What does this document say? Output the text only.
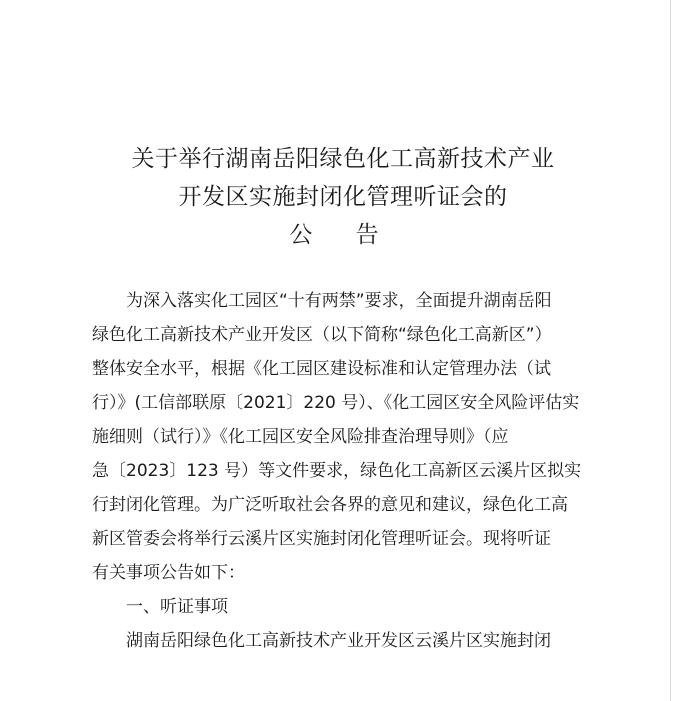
关于举行湖南岳阳绿色化工高新技术产业
开发区实施封闭化管理听证会的
公 告

为深入落实化工园区“十有两禁”要求，全面提升湖南岳阳

绿色化工高新技术产业开发区（以下简称“绿色化工高新区”）

整体安全水平，根据《化工园区建设标准和认定管理办法（试

行）》(工信部联原〔2021〕220 号）、《化工园区安全风险评估实

施细则（试行）》《化工园区安全风险排查治理导则》（应

急〔2023〕123 号）等文件要求，绿色化工高新区云溪片区拟实

行封闭化管理。为广泛听取社会各界的意见和建议，绿色化工高

新区管委会将举行云溪片区实施封闭化管理听证会。现将听证

有关事项公告如下：

一、听证事项

湖南岳阳绿色化工高新技术产业开发区云溪片区实施封闭
